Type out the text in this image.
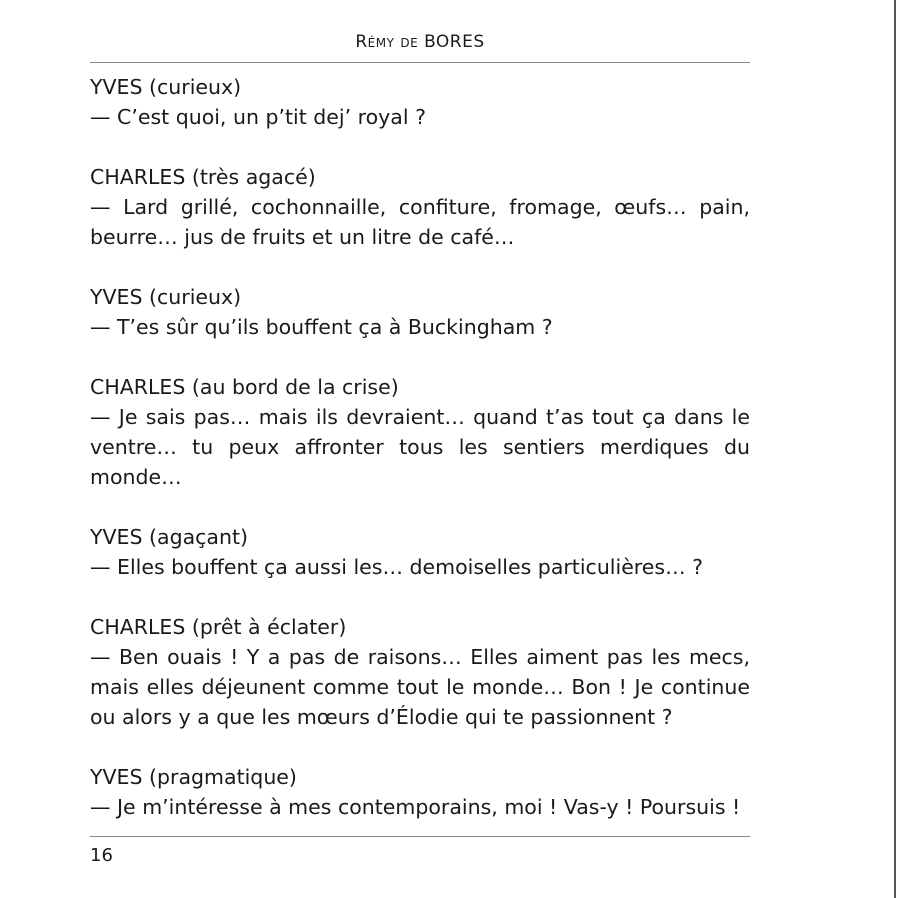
Rémy de BORES
YVES (curieux)
— C’est quoi, un p’tit dej’ royal ?
CHARLES (très agacé)
— Lard grillé, cochonnaille, confiture, fromage, œufs… pain, beurre… jus de fruits et un litre de café…
YVES (curieux)
— T’es sûr qu’ils bouffent ça à Buckingham ?
CHARLES (au bord de la crise)
— Je sais pas… mais ils devraient… quand t’as tout ça dans le ventre… tu peux affronter tous les sentiers merdiques du monde…
YVES (agaçant)
— Elles bouffent ça aussi les… demoiselles particulières… ?
CHARLES (prêt à éclater)
— Ben ouais ! Y a pas de raisons… Elles aiment pas les mecs, mais elles déjeunent comme tout le monde… Bon ! Je continue ou alors y a que les mœurs d’Élodie qui te passionnent ?
YVES (pragmatique)
— Je m’intéresse à mes contemporains, moi ! Vas-y ! Poursuis !
16
